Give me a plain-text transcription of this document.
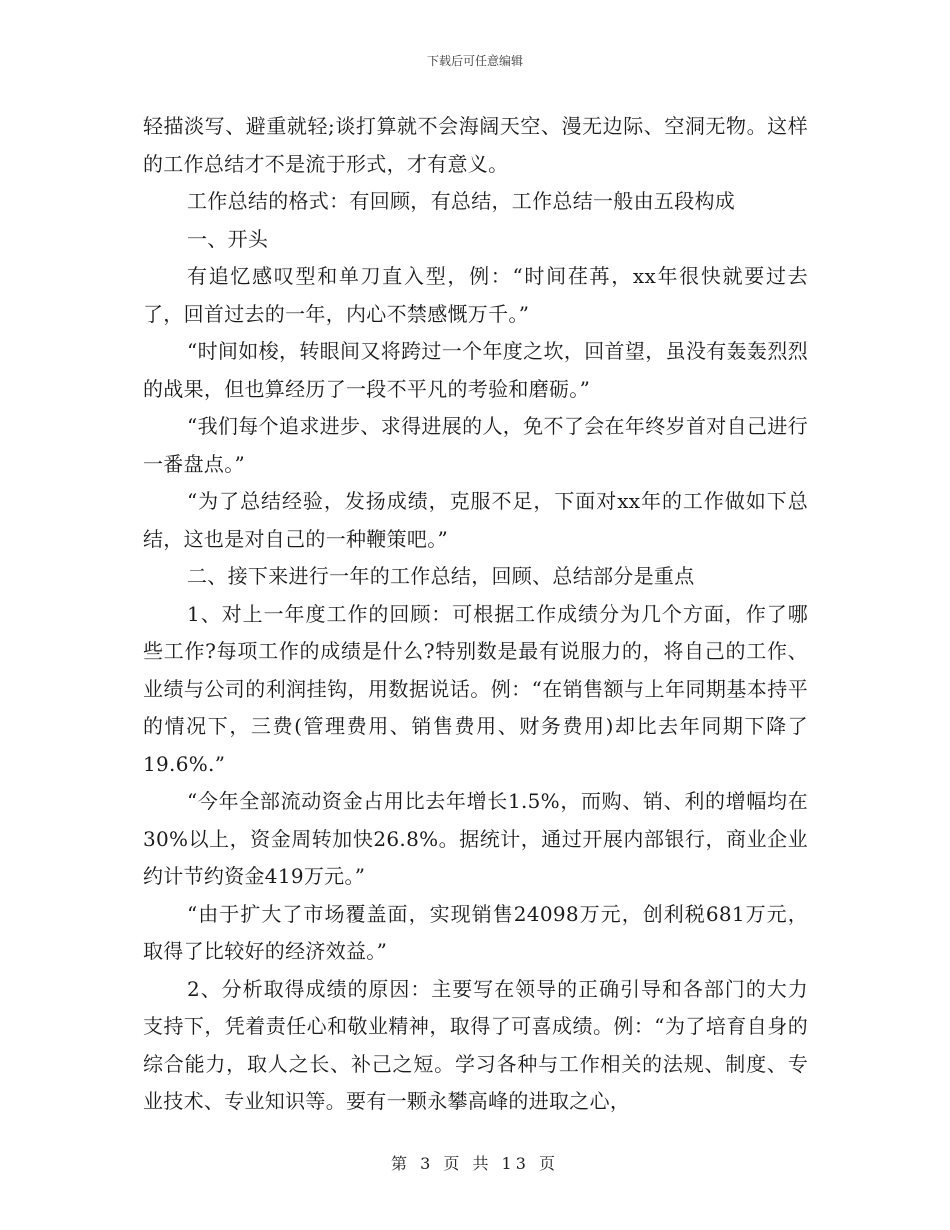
下载后可任意编辑

轻描淡写、避重就轻;谈打算就不会海阔天空、漫无边际、空洞无物。这样的工作总结才不是流于形式，才有意义。

工作总结的格式：有回顾，有总结，工作总结一般由五段构成

一、开头

有追忆感叹型和单刀直入型，例：“时间荏苒，xx年很快就要过去了，回首过去的一年，内心不禁感慨万千。”

“时间如梭，转眼间又将跨过一个年度之坎，回首望，虽没有轰轰烈烈的战果，但也算经历了一段不平凡的考验和磨砺。”

“我们每个追求进步、求得进展的人，免不了会在年终岁首对自己进行一番盘点。”

“为了总结经验，发扬成绩，克服不足，下面对xx年的工作做如下总结，这也是对自己的一种鞭策吧。”

二、接下来进行一年的工作总结，回顾、总结部分是重点

1、对上一年度工作的回顾：可根据工作成绩分为几个方面，作了哪些工作?每项工作的成绩是什么?特别数是最有说服力的，将自己的工作、业绩与公司的利润挂钩，用数据说话。例：“在销售额与上年同期基本持平的情况下，三费(管理费用、销售费用、财务费用)却比去年同期下降了19.6%.”

“今年全部流动资金占用比去年增长1.5%，而购、销、利的增幅均在30%以上，资金周转加快26.8%。据统计，通过开展内部银行，商业企业约计节约资金419万元。”

“由于扩大了市场覆盖面，实现销售24098万元，创利税681万元，取得了比较好的经济效益。”

2、分析取得成绩的原因：主要写在领导的正确引导和各部门的大力支持下，凭着责任心和敬业精神，取得了可喜成绩。例：“为了培育自身的综合能力，取人之长、补己之短。学习各种与工作相关的法规、制度、专业技术、专业知识等。要有一颗永攀高峰的进取之心，

第 3 页 共 13 页
